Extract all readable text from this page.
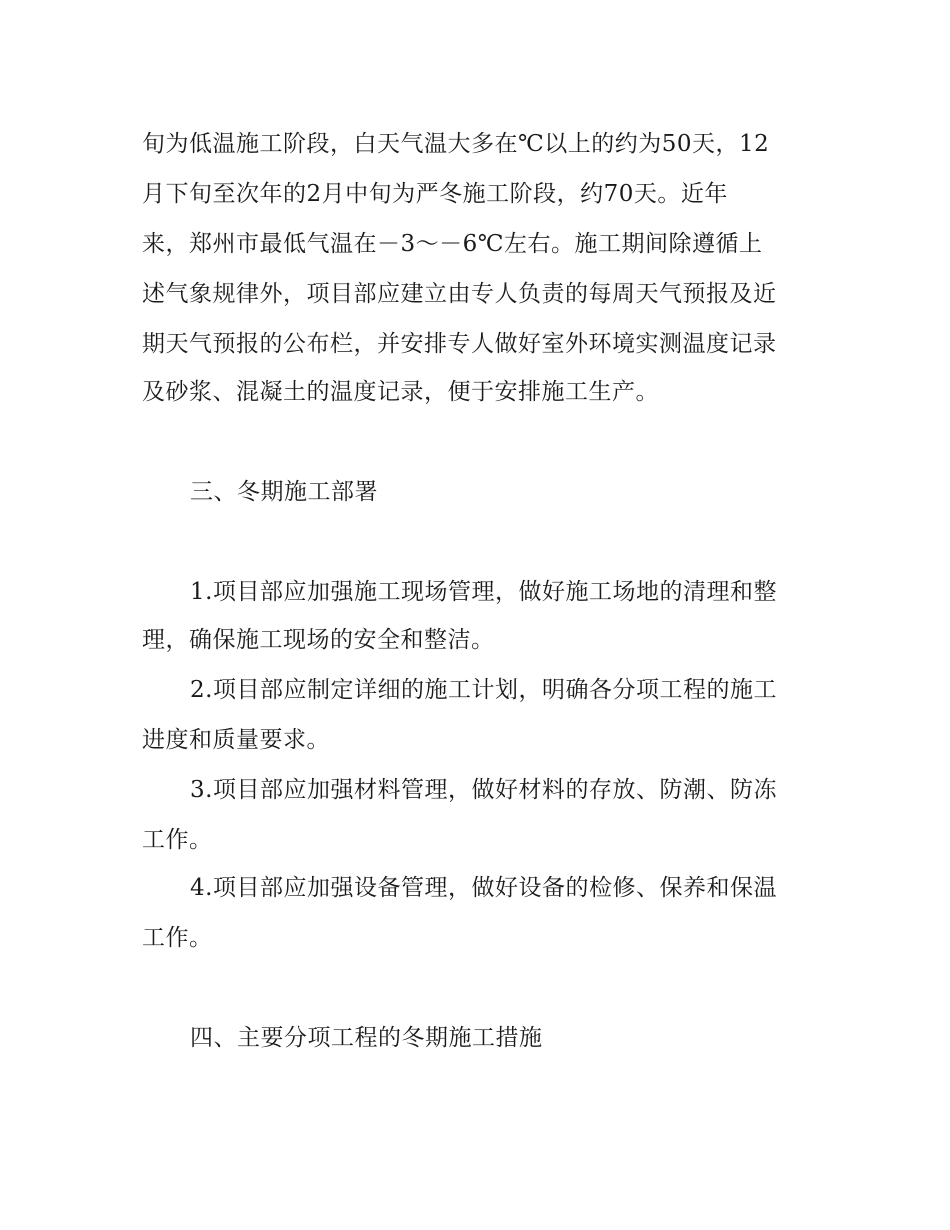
旬为低温施工阶段，白天气温大多在℃以上的约为50天，12
月下旬至次年的2月中旬为严冬施工阶段，约70天。近年
来，郑州市最低气温在－3～－6℃左右。施工期间除遵循上
述气象规律外，项目部应建立由专人负责的每周天气预报及近
期天气预报的公布栏，并安排专人做好室外环境实测温度记录
及砂浆、混凝土的温度记录，便于安排施工生产。
三、冬期施工部署
1.项目部应加强施工现场管理，做好施工场地的清理和整
理，确保施工现场的安全和整洁。
2.项目部应制定详细的施工计划，明确各分项工程的施工
进度和质量要求。
3.项目部应加强材料管理，做好材料的存放、防潮、防冻
工作。
4.项目部应加强设备管理，做好设备的检修、保养和保温
工作。
四、主要分项工程的冬期施工措施
